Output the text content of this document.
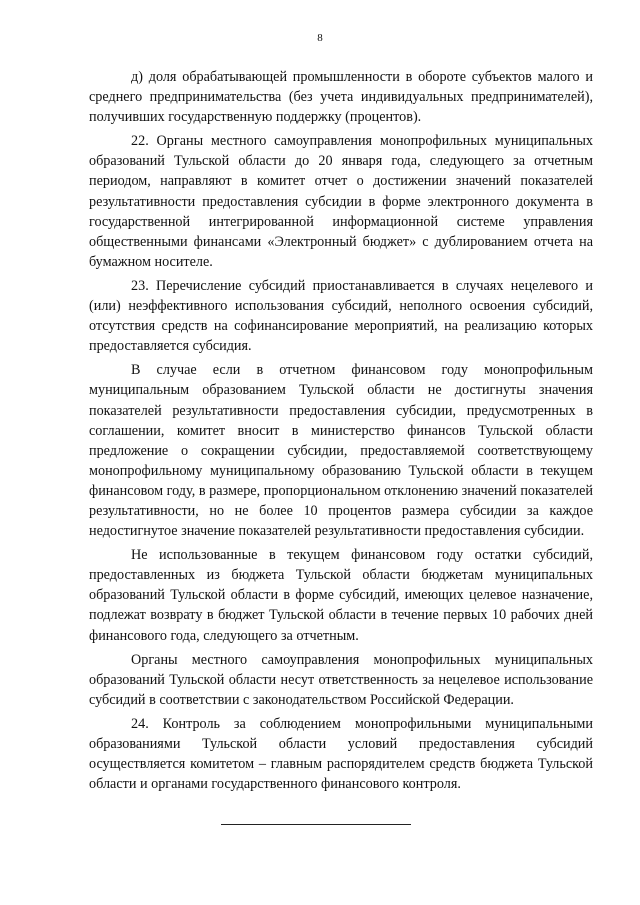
8

д) доля обрабатывающей промышленности в обороте субъектов малого и среднего предпринимательства (без учета индивидуальных предпринимателей), получивших государственную поддержку (процентов).

22. Органы местного самоуправления монопрофильных муниципальных образований Тульской области до 20 января года, следующего за отчетным периодом, направляют в комитет отчет о достижении значений показателей результативности предоставления субсидии в форме электронного документа в государственной интегрированной информационной системе управления общественными финансами «Электронный бюджет» с дублированием отчета на бумажном носителе.

23. Перечисление субсидий приостанавливается в случаях нецелевого и (или) неэффективного использования субсидий, неполного освоения субсидий, отсутствия средств на софинансирование мероприятий, на реализацию которых предоставляется субсидия.

В случае если в отчетном финансовом году монопрофильным муниципальным образованием Тульской области не достигнуты значения показателей результативности предоставления субсидии, предусмотренных в соглашении, комитет вносит в министерство финансов Тульской области предложение о сокращении субсидии, предоставляемой соответствующему монопрофильному муниципальному образованию Тульской области в текущем финансовом году, в размере, пропорциональном отклонению значений показателей результативности, но не более 10 процентов размера субсидии за каждое недостигнутое значение показателей результативности предоставления субсидии.

Не использованные в текущем финансовом году остатки субсидий, предоставленных из бюджета Тульской области бюджетам муниципальных образований Тульской области в форме субсидий, имеющих целевое назначение, подлежат возврату в бюджет Тульской области в течение первых 10 рабочих дней финансового года, следующего за отчетным.

Органы местного самоуправления монопрофильных муниципальных образований Тульской области несут ответственность за нецелевое использование субсидий в соответствии с законодательством Российской Федерации.

24. Контроль за соблюдением монопрофильными муниципальными образованиями Тульской области условий предоставления субсидий осуществляется комитетом – главным распорядителем средств бюджета Тульской области и органами государственного финансового контроля.
